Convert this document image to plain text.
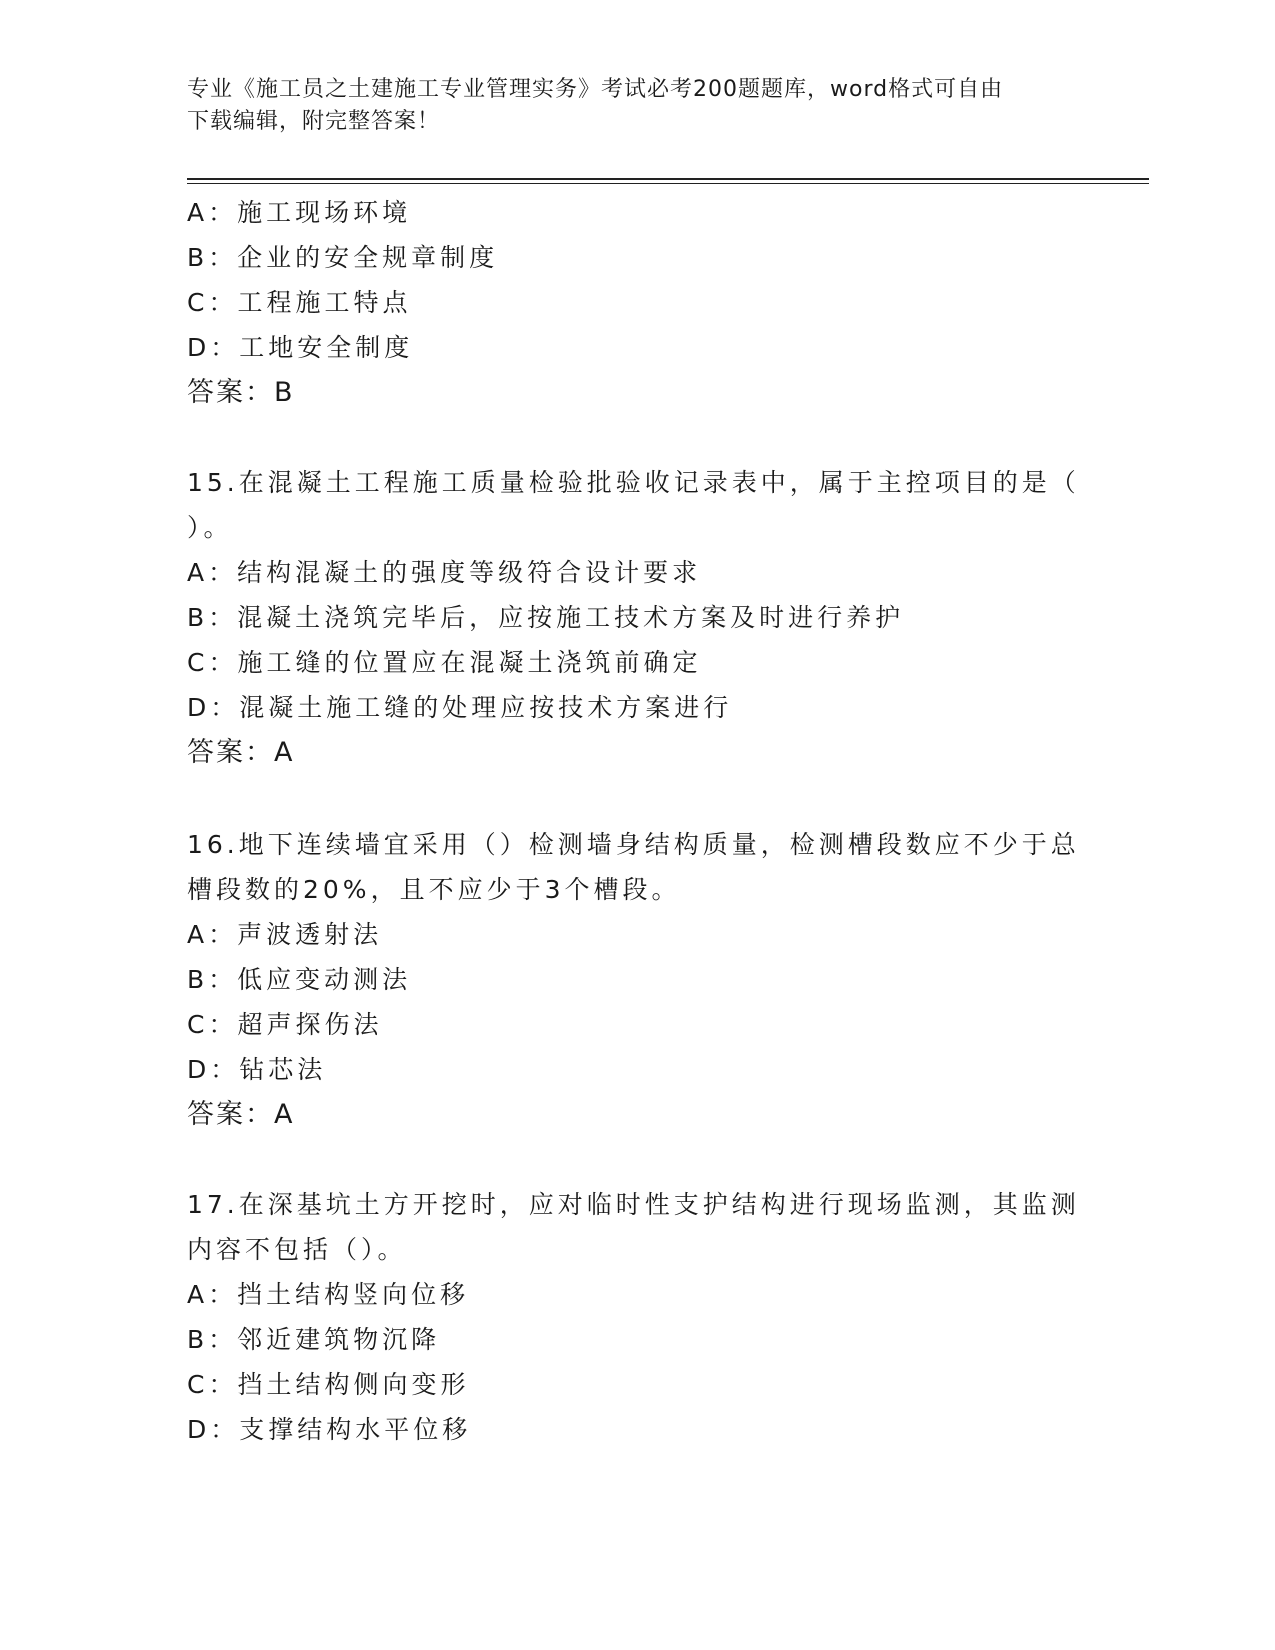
专业《施工员之土建施工专业管理实务》考试必考200题题库，word格式可自由
下载编辑，附完整答案！
A：施工现场环境
B：企业的安全规章制度
C：工程施工特点
D：工地安全制度
答案：B
15.在混凝土工程施工质量检验批验收记录表中，属于主控项目的是（
）。
A：结构混凝土的强度等级符合设计要求
B：混凝土浇筑完毕后，应按施工技术方案及时进行养护
C：施工缝的位置应在混凝土浇筑前确定
D：混凝土施工缝的处理应按技术方案进行
答案：A
16.地下连续墙宜采用（）检测墙身结构质量，检测槽段数应不少于总
槽段数的20%，且不应少于3个槽段。
A：声波透射法
B：低应变动测法
C：超声探伤法
D：钻芯法
答案：A
17.在深基坑土方开挖时，应对临时性支护结构进行现场监测，其监测
内容不包括（）。
A：挡土结构竖向位移
B：邻近建筑物沉降
C：挡土结构侧向变形
D：支撑结构水平位移
